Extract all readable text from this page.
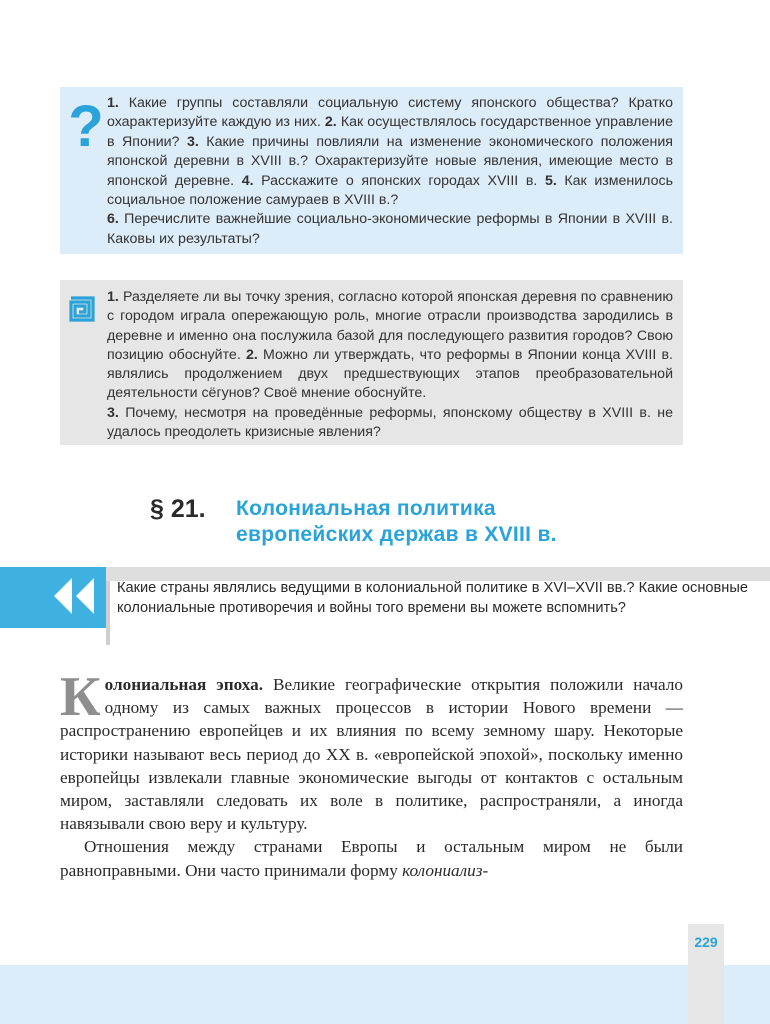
? 1. Какие группы составляли социальную систему японского общества? Кратко охарактеризуйте каждую из них. 2. Как осуществлялось государственное управление в Японии? 3. Какие причины повлияли на изменение экономического положения японской деревни в XVIII в.? Охарактеризуйте новые явления, имеющие место в японской деревне. 4. Расскажите о японских городах XVIII в. 5. Как изменилось социальное положение самураев в XVIII в.?
6. Перечислите важнейшие социально-экономические реформы в Японии в XVIII в. Каковы их результаты?
1. Разделяете ли вы точку зрения, согласно которой японская деревня по сравнению с городом играла опережающую роль, многие отрасли производства зародились в деревне и именно она послужила базой для последующего развития городов? Свою позицию обоснуйте. 2. Можно ли утверждать, что реформы в Японии конца XVIII в. являлись продолжением двух предшествующих этапов преобразовательной деятельности сёгунов? Своё мнение обоснуйте.
3. Почему, несмотря на проведённые реформы, японскому обществу в XVIII в. не удалось преодолеть кризисные явления?
§ 21. Колониальная политика
европейских держав в XVIII в.
Какие страны являлись ведущими в колониальной политике в XVI–XVII вв.? Какие основные колониальные противоречия и войны того времени вы можете вспомнить?

Колониальная эпоха. Великие географические открытия положили начало одному из самых важных процессов в истории Нового времени — распространению европейцев и их влияния по всему земному шару. Некоторые историки называют весь период до XX в. «европейской эпохой», поскольку именно европейцы извлекали главные экономические выгоды от контактов с остальным миром, заставляли следовать их воле в политике, распространяли, а иногда навязывали свою веру и культуру.

Отношения между странами Европы и остальным миром не были равноправными. Они часто принимали форму колониализ-

229
